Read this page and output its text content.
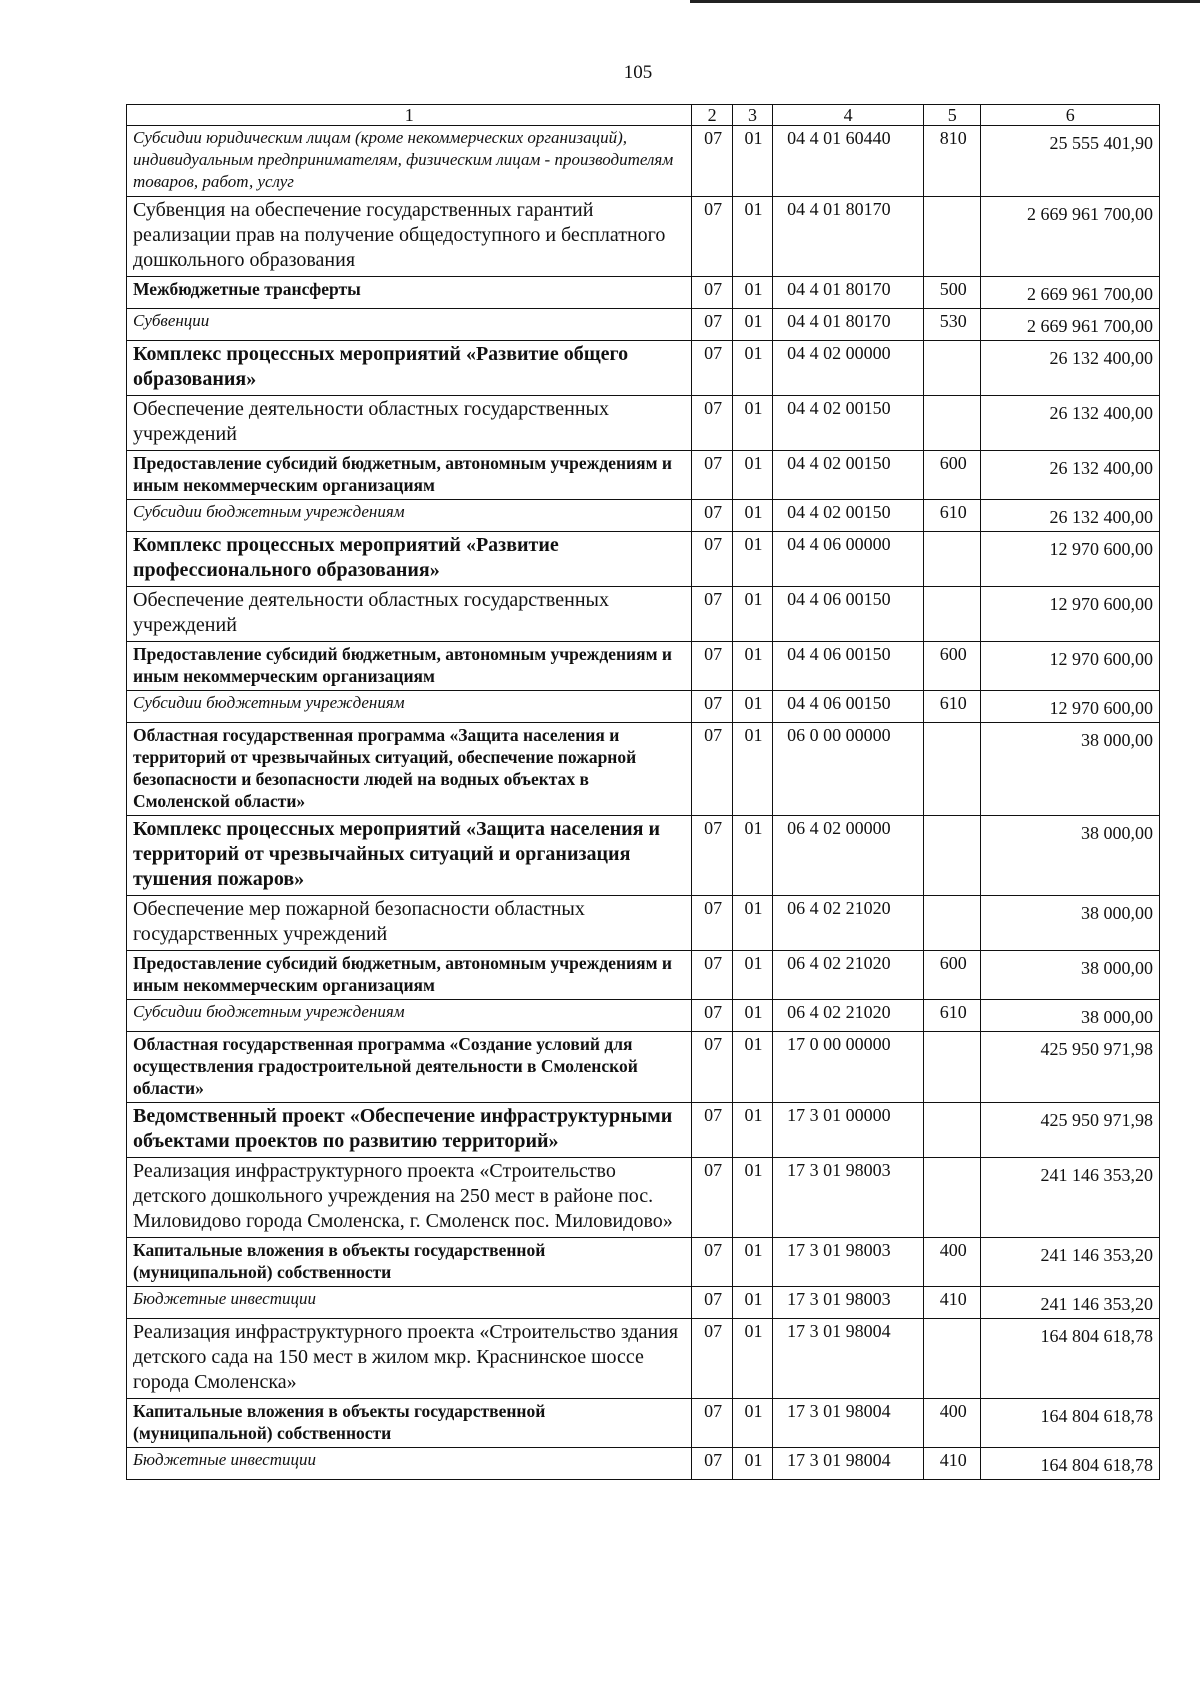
105
1	2	3	4	5	6
Субсидии юридическим лицам (кроме некоммерческих организаций), индивидуальным предпринимателям, физическим лицам - производителям товаров, работ, услуг	07	01	04 4 01 60440	810	25 555 401,90
Субвенция на обеспечение государственных гарантий реализации прав на получение общедоступного и бесплатного дошкольного образования	07	01	04 4 01 80170		2 669 961 700,00
Межбюджетные трансферты	07	01	04 4 01 80170	500	2 669 961 700,00
Субвенции	07	01	04 4 01 80170	530	2 669 961 700,00
Комплекс процессных мероприятий «Развитие общего образования»	07	01	04 4 02 00000		26 132 400,00
Обеспечение деятельности областных государственных учреждений	07	01	04 4 02 00150		26 132 400,00
Предоставление субсидий бюджетным, автономным учреждениям и иным некоммерческим организациям	07	01	04 4 02 00150	600	26 132 400,00
Субсидии бюджетным учреждениям	07	01	04 4 02 00150	610	26 132 400,00
Комплекс процессных мероприятий «Развитие профессионального образования»	07	01	04 4 06 00000		12 970 600,00
Обеспечение деятельности областных государственных учреждений	07	01	04 4 06 00150		12 970 600,00
Предоставление субсидий бюджетным, автономным учреждениям и иным некоммерческим организациям	07	01	04 4 06 00150	600	12 970 600,00
Субсидии бюджетным учреждениям	07	01	04 4 06 00150	610	12 970 600,00
Областная государственная программа «Защита населения и территорий от чрезвычайных ситуаций, обеспечение пожарной безопасности и безопасности людей на водных объектах в Смоленской области»	07	01	06 0 00 00000		38 000,00
Комплекс процессных мероприятий «Защита населения и территорий от чрезвычайных ситуаций и организация тушения пожаров»	07	01	06 4 02 00000		38 000,00
Обеспечение мер пожарной безопасности областных государственных учреждений	07	01	06 4 02 21020		38 000,00
Предоставление субсидий бюджетным, автономным учреждениям и иным некоммерческим организациям	07	01	06 4 02 21020	600	38 000,00
Субсидии бюджетным учреждениям	07	01	06 4 02 21020	610	38 000,00
Областная государственная программа «Создание условий для осуществления градостроительной деятельности в Смоленской области»	07	01	17 0 00 00000		425 950 971,98
Ведомственный проект «Обеспечение инфраструктурными объектами проектов по развитию территорий»	07	01	17 3 01 00000		425 950 971,98
Реализация инфраструктурного проекта «Строительство детского дошкольного учреждения на 250 мест в районе пос. Миловидово города Смоленска, г. Смоленск пос. Миловидово»	07	01	17 3 01 98003		241 146 353,20
Капитальные вложения в объекты государственной (муниципальной) собственности	07	01	17 3 01 98003	400	241 146 353,20
Бюджетные инвестиции	07	01	17 3 01 98003	410	241 146 353,20
Реализация инфраструктурного проекта «Строительство здания детского сада на 150 мест в жилом мкр. Краснинское шоссе города Смоленска»	07	01	17 3 01 98004		164 804 618,78
Капитальные вложения в объекты государственной (муниципальной) собственности	07	01	17 3 01 98004	400	164 804 618,78
Бюджетные инвестиции	07	01	17 3 01 98004	410	164 804 618,78
